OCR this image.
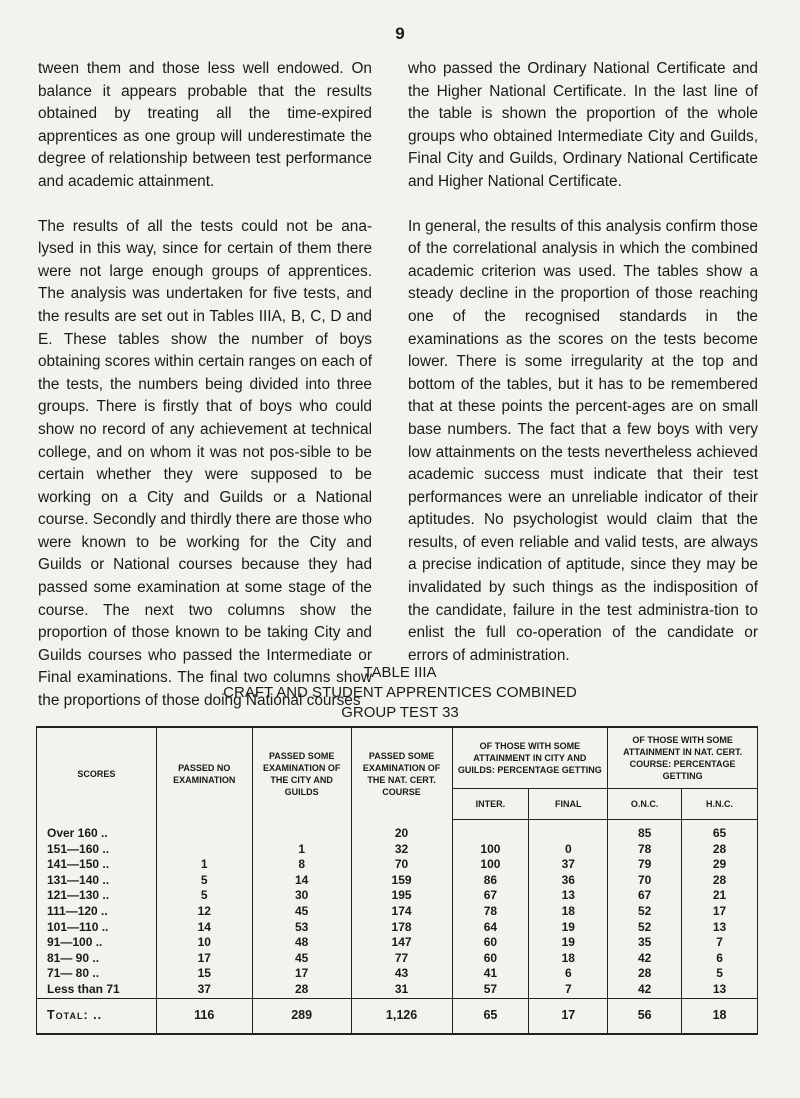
9

tween them and those less well endowed. On balance it appears probable that the results obtained by treating all the time-expired apprentices as one group will underestimate the degree of relationship between test performance and academic attainment.

The results of all the tests could not be ana-lysed in this way, since for certain of them there were not large enough groups of apprentices. The analysis was undertaken for five tests, and the results are set out in Tables IIIA, B, C, D and E. These tables show the number of boys obtaining scores within certain ranges on each of the tests, the numbers being divided into three groups. There is firstly that of boys who could show no record of any achievement at technical college, and on whom it was not pos-sible to be certain whether they were supposed to be working on a City and Guilds or a National course. Secondly and thirdly there are those who were known to be working for the City and Guilds or National courses because they had passed some examination at some stage of the course. The next two columns show the proportion of those known to be taking City and Guilds courses who passed the Intermediate or Final examinations. The final two columns show the proportions of those doing National courses

who passed the Ordinary National Certificate and the Higher National Certificate. In the last line of the table is shown the proportion of the whole groups who obtained Intermediate City and Guilds, Final City and Guilds, Ordinary National Certificate and Higher National Certificate.

In general, the results of this analysis confirm those of the correlational analysis in which the combined academic criterion was used. The tables show a steady decline in the proportion of those reaching one of the recognised standards in the examinations as the scores on the tests become lower. There is some irregularity at the top and bottom of the tables, but it has to be remembered that at these points the percent-ages are on small base numbers. The fact that a few boys with very low attainments on the tests nevertheless achieved academic success must indicate that their test performances were an unreliable indicator of their aptitudes. No psychologist would claim that the results, of even reliable and valid tests, are always a precise indication of aptitude, since they may be invalidated by such things as the indisposition of the candidate, failure in the test administra-tion to enlist the full co-operation of the candidate or errors of administration.

TABLE IIIA
CRAFT AND STUDENT APPRENTICES COMBINED
GROUP TEST 33
SCORES	PASSED NO EXAMINATION	PASSED SOME EXAMINATION OF THE CITY AND GUILDS	PASSED SOME EXAMINATION OF THE NAT. CERT. COURSE	OF THOSE WITH SOME ATTAINMENT IN CITY AND GUILDS: PERCENTAGE GETTING		OF THOSE WITH SOME ATTAINMENT IN NAT. CERT. COURSE: PERCENTAGE GETTING	
				INTER.	FINAL	O.N.C.	H.N.C.
Over 160 ..			20			85	65
151—160 ..		1	32	100	0	78	28
141—150 ..	1	8	70	100	37	79	29
131—140 ..	5	14	159	86	36	70	28
121—130 ..	5	30	195	67	13	67	21
111—120 ..	12	45	174	78	18	52	17
101—110 ..	14	53	178	64	19	52	13
91—100 ..	10	48	147	60	19	35	7
81— 90 ..	17	45	77	60	18	42	6
71— 80 ..	15	17	43	41	6	28	5
Less than 71	37	28	31	57	7	42	13
Total: ..	116	289	1,126	65	17	56	18
